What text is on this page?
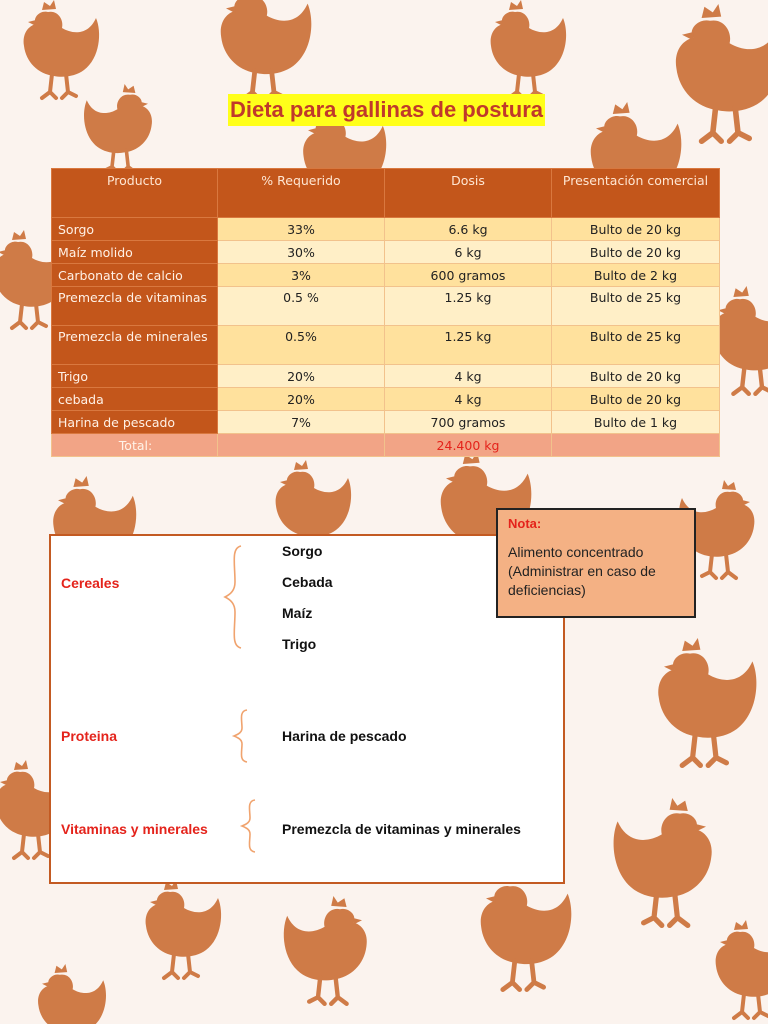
Dieta para gallinas de postura
Producto	% Requerido	Dosis	Presentación comercial
Sorgo	33%	6.6 kg	Bulto de 20 kg
Maíz molido	30%	6 kg	Bulto de 20 kg
Carbonato de calcio	3%	600 gramos	Bulto de 2 kg
Premezcla de vitaminas	0.5 %	1.25 kg	Bulto de 25 kg
Premezcla de minerales	0.5%	1.25 kg	Bulto de 25 kg
Trigo	20%	4 kg	Bulto de 20 kg
cebada	20%	4 kg	Bulto de 20 kg
Harina de pescado	7%	700 gramos	Bulto de 1 kg
Total:		24.400 kg	
Cereales
Sorgo
Cebada
Maíz
Trigo
Proteina	Harina de pescado
Vitaminas y minerales	Premezcla de vitaminas y minerales
Nota:
Alimento concentrado (Administrar en caso de deficiencias)
